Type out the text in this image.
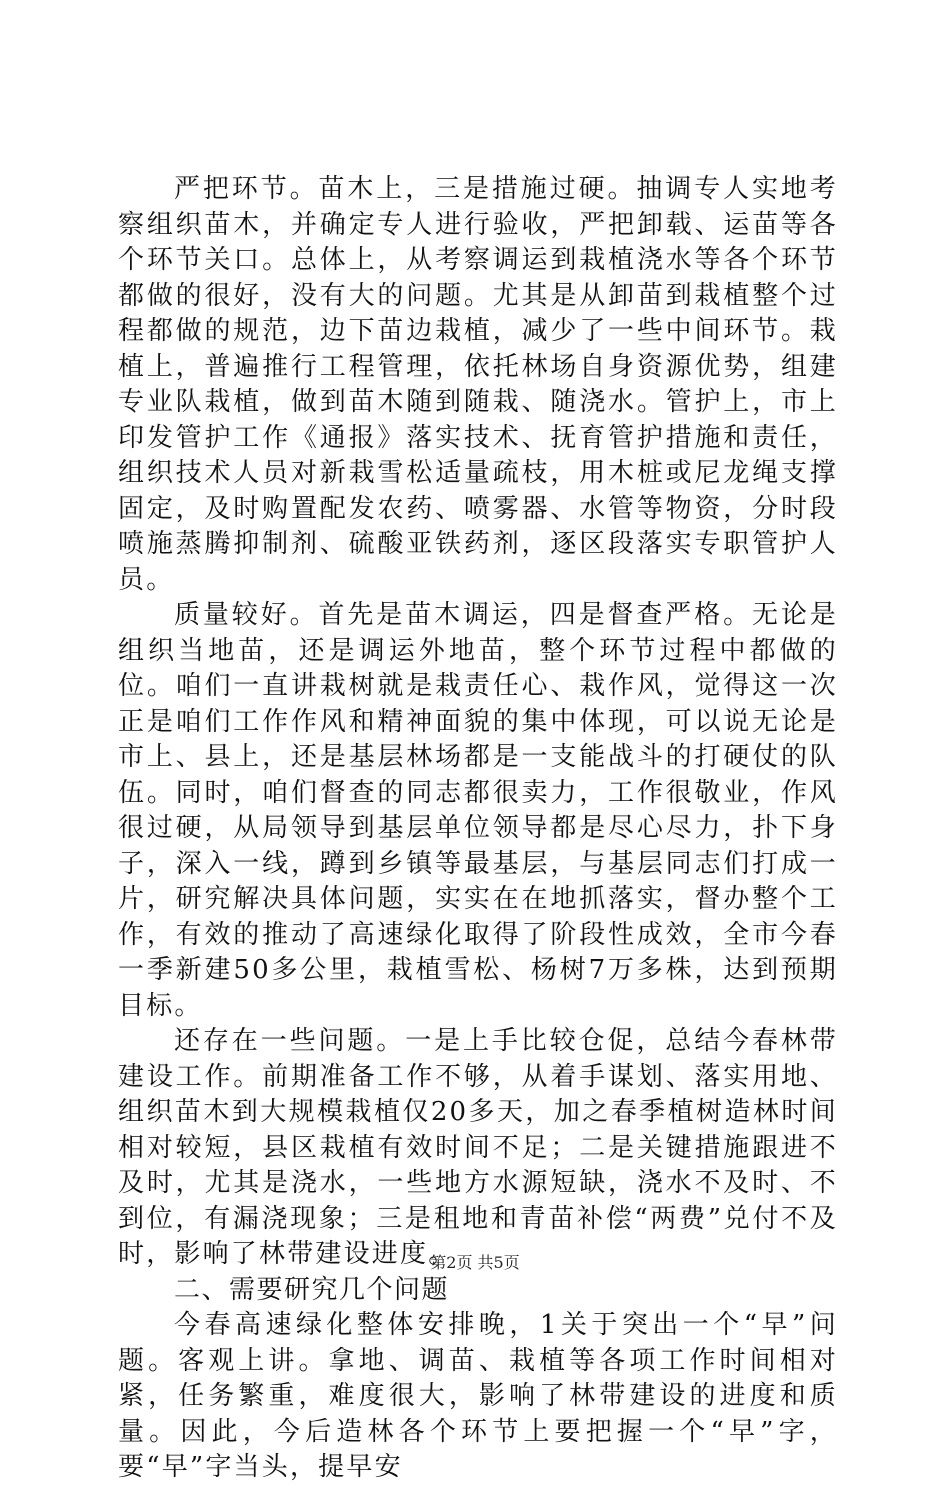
严把环节。苗木上，三是措施过硬。抽调专人实地考察组织苗木，并确定专人进行验收，严把卸载、运苗等各个环节关口。总体上，从考察调运到栽植浇水等各个环节都做的很好，没有大的问题。尤其是从卸苗到栽植整个过程都做的规范，边下苗边栽植，减少了一些中间环节。栽植上，普遍推行工程管理，依托林场自身资源优势，组建专业队栽植，做到苗木随到随栽、随浇水。管护上，市上印发管护工作《通报》落实技术、抚育管护措施和责任，组织技术人员对新栽雪松适量疏枝，用木桩或尼龙绳支撑固定，及时购置配发农药、喷雾器、水管等物资，分时段喷施蒸腾抑制剂、硫酸亚铁药剂，逐区段落实专职管护人员。

质量较好。首先是苗木调运，四是督查严格。无论是组织当地苗，还是调运外地苗，整个环节过程中都做的位。咱们一直讲栽树就是栽责任心、栽作风，觉得这一次正是咱们工作作风和精神面貌的集中体现，可以说无论是市上、县上，还是基层林场都是一支能战斗的打硬仗的队伍。同时，咱们督查的同志都很卖力，工作很敬业，作风很过硬，从局领导到基层单位领导都是尽心尽力，扑下身子，深入一线，蹲到乡镇等最基层，与基层同志们打成一片，研究解决具体问题，实实在在地抓落实，督办整个工作，有效的推动了高速绿化取得了阶段性成效，全市今春一季新建50多公里，栽植雪松、杨树7万多株，达到预期目标。

还存在一些问题。一是上手比较仓促，总结今春林带建设工作。前期准备工作不够，从着手谋划、落实用地、组织苗木到大规模栽植仅20多天，加之春季植树造林时间相对较短，县区栽植有效时间不足；二是关键措施跟进不及时，尤其是浇水，一些地方水源短缺，浇水不及时、不到位，有漏浇现象；三是租地和青苗补偿“两费”兑付不及时，影响了林带建设进度。

二、需要研究几个问题

今春高速绿化整体安排晚，1关于突出一个“早”问题。客观上讲。拿地、调苗、栽植等各项工作时间相对紧，任务繁重，难度很大，影响了林带建设的进度和质量。因此，今后造林各个环节上要把握一个“早”字，要“早”字当头，提早安

第2页 共5页
